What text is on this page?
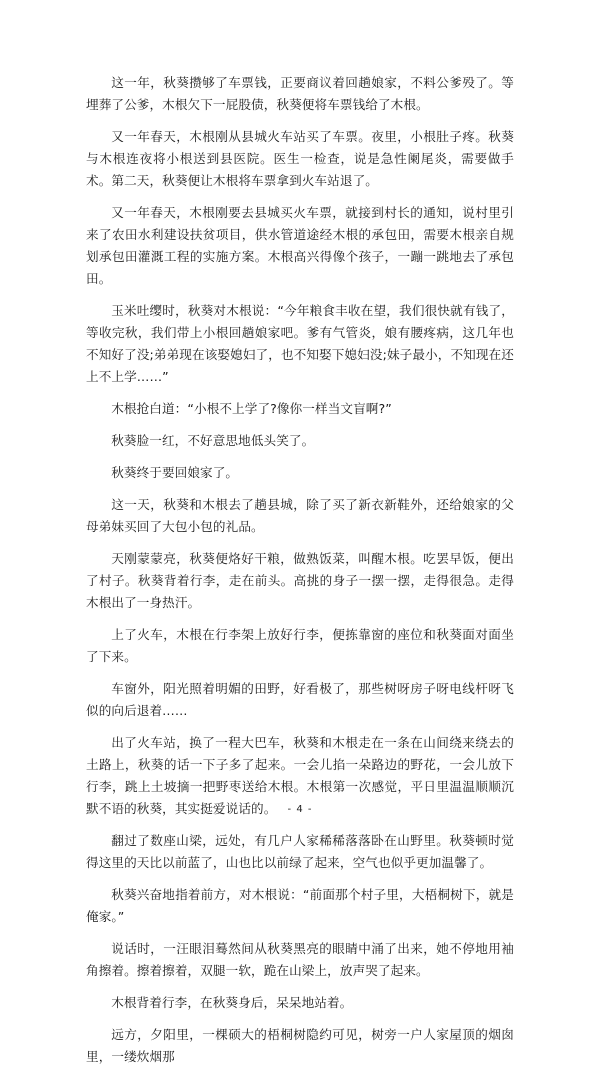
这一年，秋葵攒够了车票钱，正要商议着回趟娘家，不料公爹殁了。等埋葬了公爹，木根欠下一屁股债，秋葵便将车票钱给了木根。

又一年春天，木根刚从县城火车站买了车票。夜里，小根肚子疼。秋葵与木根连夜将小根送到县医院。医生一检查，说是急性阑尾炎，需要做手术。第二天，秋葵便让木根将车票拿到火车站退了。

又一年春天，木根刚要去县城买火车票，就接到村长的通知，说村里引来了农田水利建设扶贫项目，供水管道途经木根的承包田，需要木根亲自规划承包田灌溉工程的实施方案。木根高兴得像个孩子，一蹦一跳地去了承包田。

玉米吐缨时，秋葵对木根说：“今年粮食丰收在望，我们很快就有钱了，等收完秋，我们带上小根回趟娘家吧。爹有气管炎，娘有腰疼病，这几年也不知好了没;弟弟现在该娶媳妇了，也不知娶下媳妇没;妹子最小，不知现在还上不上学……”

木根抢白道：“小根不上学了?像你一样当文盲啊?”

秋葵脸一红，不好意思地低头笑了。

秋葵终于要回娘家了。

这一天，秋葵和木根去了趟县城，除了买了新衣新鞋外，还给娘家的父母弟妹买回了大包小包的礼品。

天刚蒙蒙亮，秋葵便烙好干粮，做熟饭菜，叫醒木根。吃罢早饭，便出了村子。秋葵背着行李，走在前头。高挑的身子一摆一摆，走得很急。走得木根出了一身热汗。

上了火车，木根在行李架上放好行李，便拣靠窗的座位和秋葵面对面坐了下来。

车窗外，阳光照着明媚的田野，好看极了，那些树呀房子呀电线杆呀飞似的向后退着……

出了火车站，换了一程大巴车，秋葵和木根走在一条在山间绕来绕去的土路上，秋葵的话一下子多了起来。一会儿掐一朵路边的野花，一会儿放下行李，跳上土坡摘一把野枣送给木根。木根第一次感觉，平日里温温顺顺沉默不语的秋葵，其实挺爱说话的。

翻过了数座山梁，远处，有几户人家稀稀落落卧在山野里。秋葵顿时觉得这里的天比以前蓝了，山也比以前绿了起来，空气也似乎更加温馨了。

秋葵兴奋地指着前方，对木根说：“前面那个村子里，大梧桐树下，就是俺家。”

说话时，一汪眼泪蓦然间从秋葵黑亮的眼睛中涌了出来，她不停地用袖角擦着。擦着擦着，双腿一软，跪在山梁上，放声哭了起来。

木根背着行李，在秋葵身后，呆呆地站着。

远方，夕阳里，一棵硕大的梧桐树隐约可见，树旁一户人家屋顶的烟囱里，一缕炊烟那

- 4 -
